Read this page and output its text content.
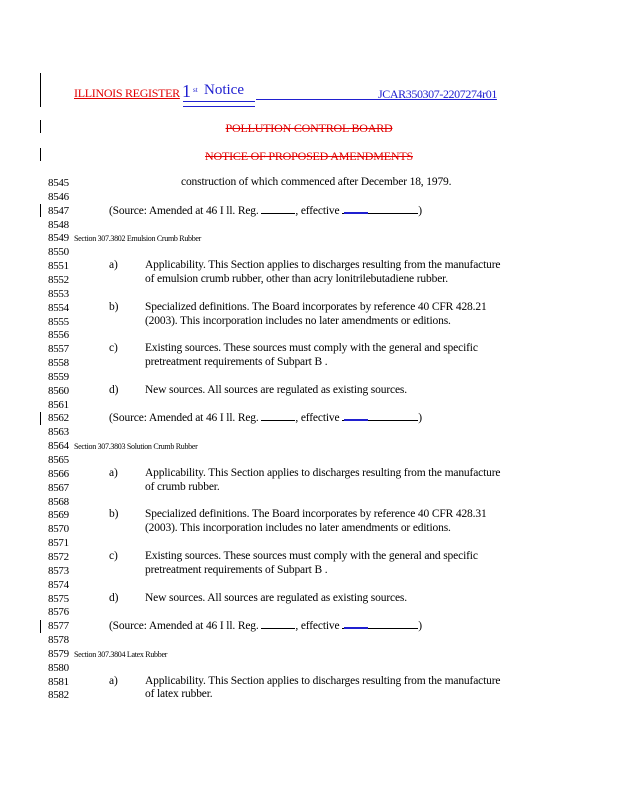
ILLINOIS REGISTER 1 st Notice	JCAR350307-2207274r01
POLLUTION CONTROL BOARD
NOTICE OF PROPOSED AMENDMENTS
8545	construction of which commenced after December 18, 1979.
8546
8547	(Source: Amended at 46 I ll. Reg.	, effective	)
8548
8549 Section 307.3802 Emulsion Crumb Rubber
8550
8551	a) Applicability. This Section applies to discharges resulting from the manufacture
8552	of emulsion crumb rubber, other than acry lonitrilebutadiene rubber.
8553
8554	b) Specialized definitions. The Board incorporates by reference 40 CFR 428.21
8555	(2003). This incorporation includes no later amendments or editions.
8556
8557	c) Existing sources. These sources must comply with the general and specific
8558	pretreatment requirements of Subpart B .
8559
8560	d) New sources. All sources are regulated as existing sources.
8561
8562	(Source: Amended at 46 I ll. Reg.	, effective	)
8563
8564 Section 307.3803 Solution Crumb Rubber
8565
8566	a) Applicability. This Section applies to discharges resulting from the manufacture
8567	of crumb rubber.
8568
8569	b) Specialized definitions. The Board incorporates by reference 40 CFR 428.31
8570	(2003). This incorporation includes no later amendments or editions.
8571
8572	c) Existing sources. These sources must comply with the general and specific
8573	pretreatment requirements of Subpart B .
8574
8575	d) New sources. All sources are regulated as existing sources.
8576
8577	(Source: Amended at 46 I ll. Reg.	, effective	)
8578
8579 Section 307.3804 Latex Rubber
8580
8581	a) Applicability. This Section applies to discharges resulting from the manufacture
8582	of latex rubber.
